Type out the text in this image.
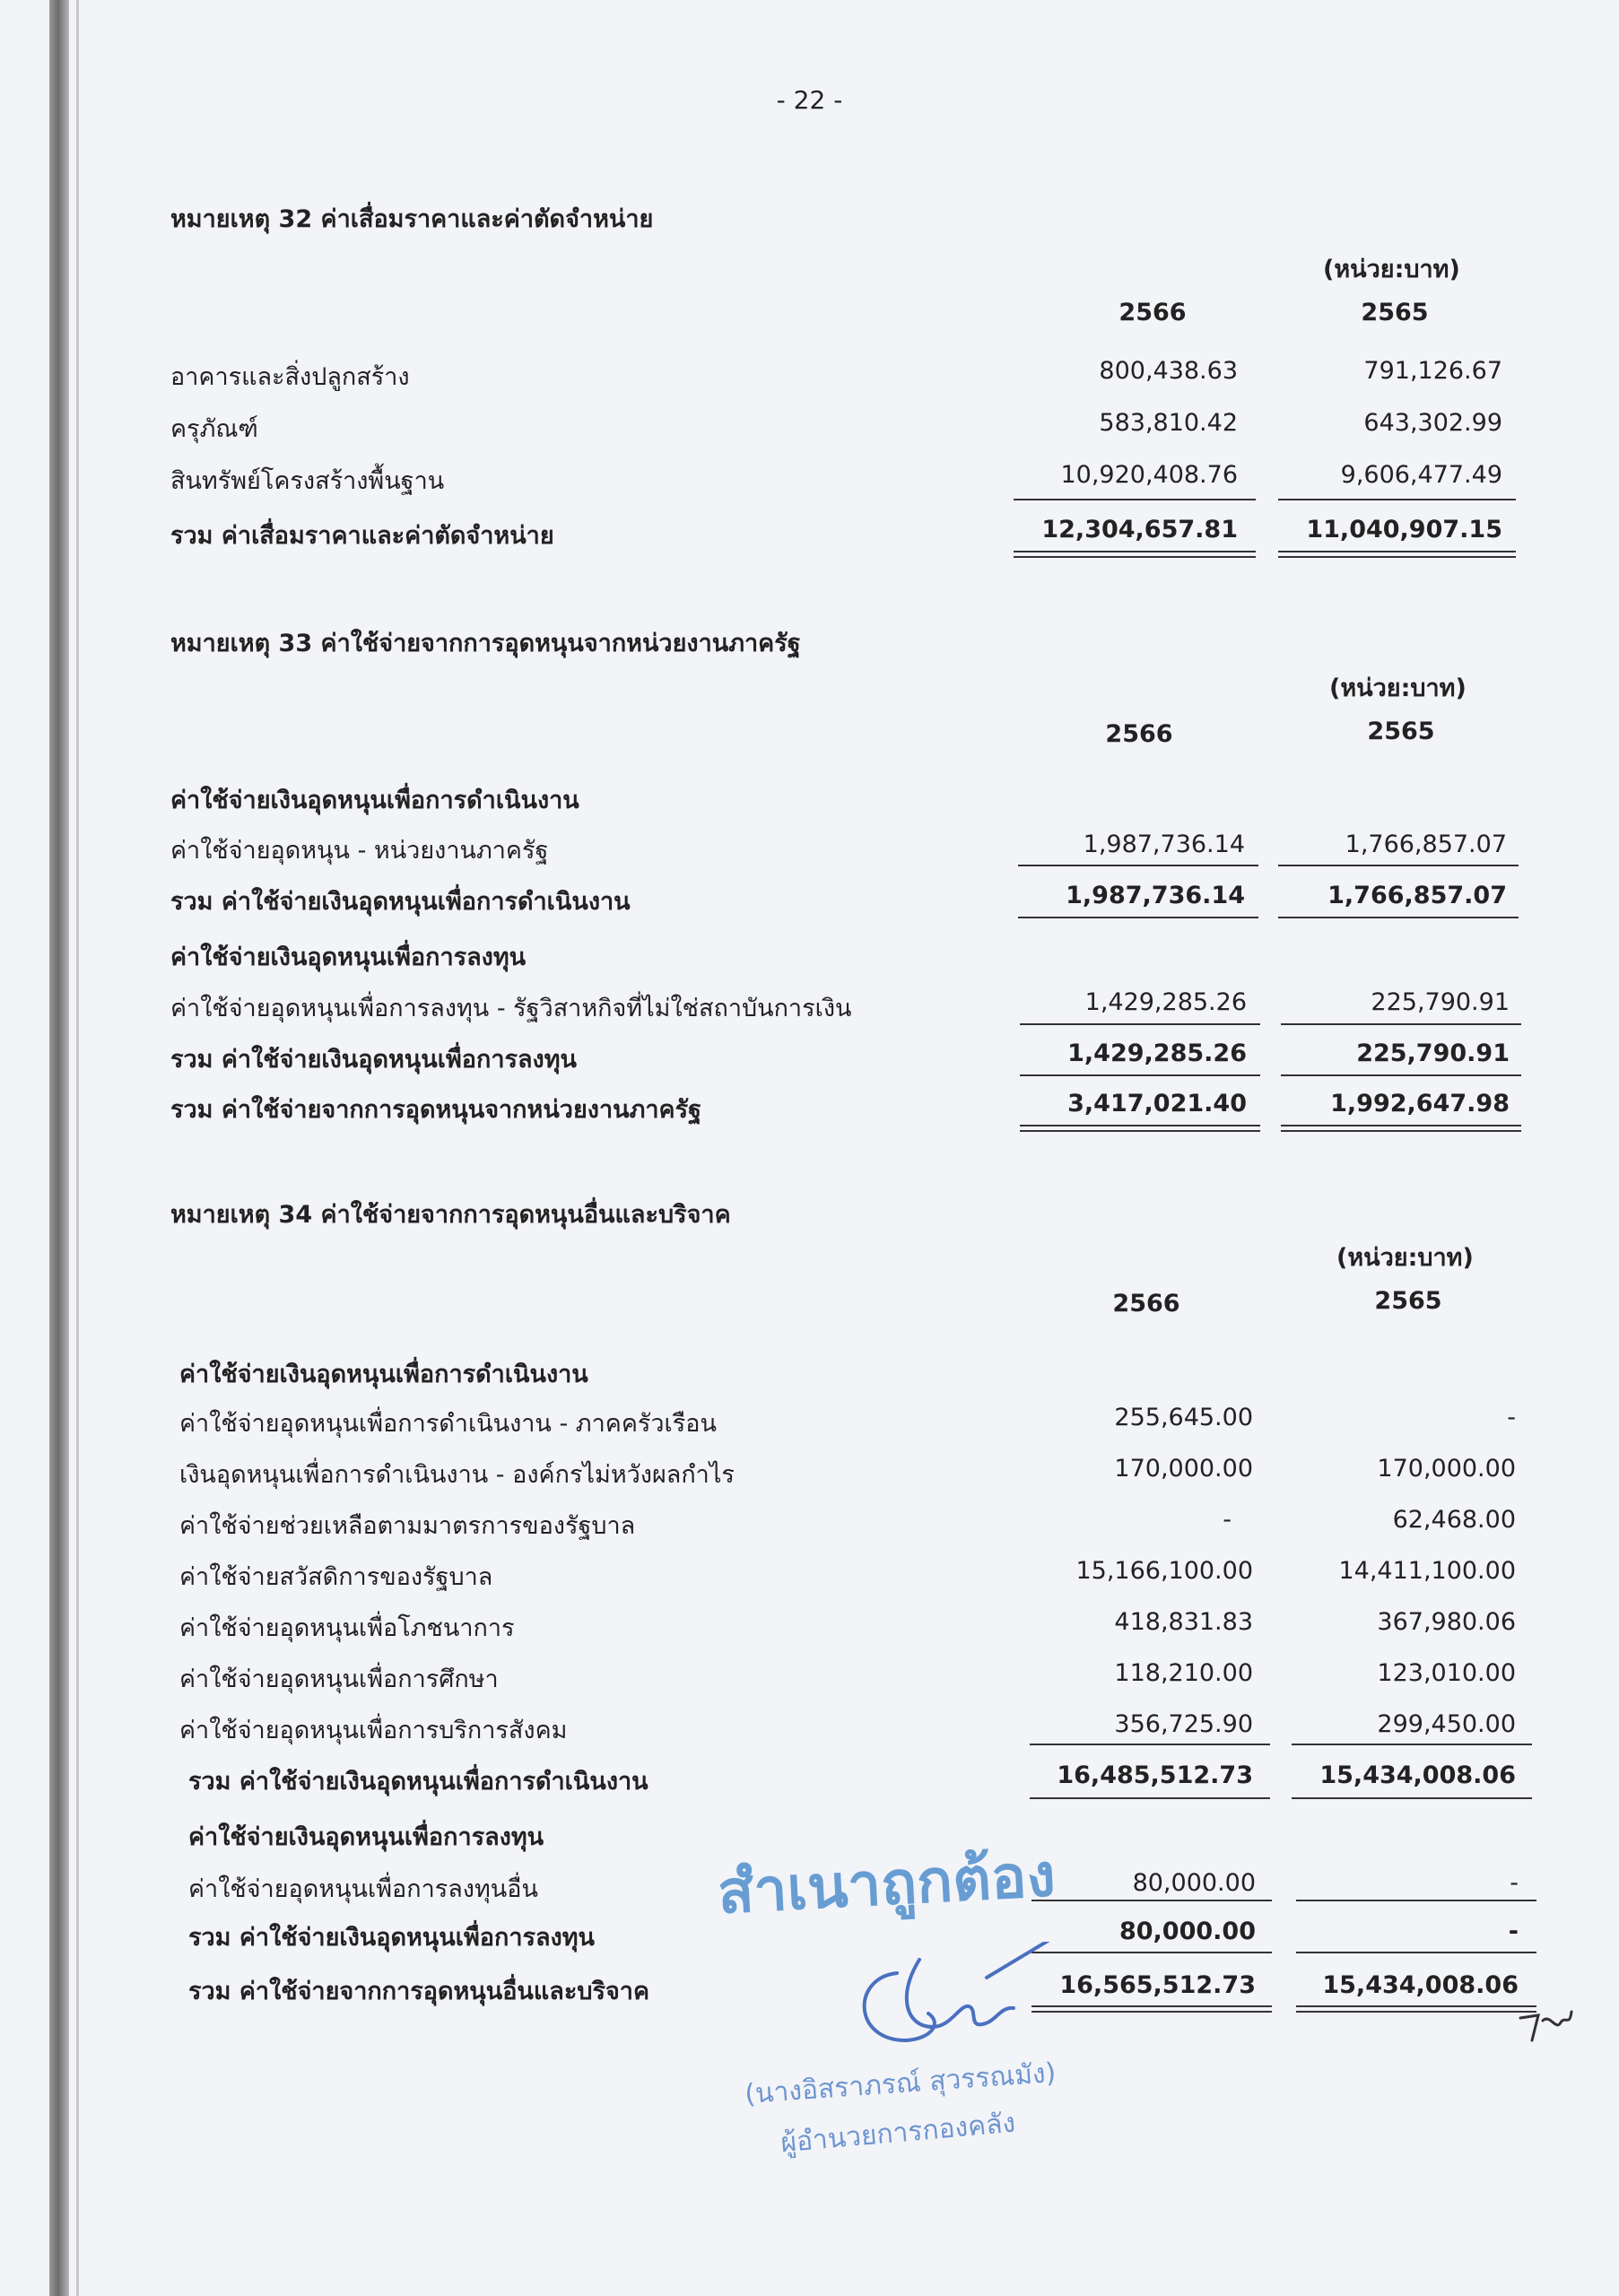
- 22 -
หมายเหตุ 32 ค่าเสื่อมราคาและค่าตัดจำหน่าย
(หน่วย:บาท)
2566	2565
อาคารและสิ่งปลูกสร้าง	800,438.63	791,126.67
ครุภัณฑ์	583,810.42	643,302.99
สินทรัพย์โครงสร้างพื้นฐาน	10,920,408.76	9,606,477.49
รวม ค่าเสื่อมราคาและค่าตัดจำหน่าย	12,304,657.81	11,040,907.15
หมายเหตุ 33 ค่าใช้จ่ายจากการอุดหนุนจากหน่วยงานภาครัฐ
(หน่วย:บาท)
2566	2565
ค่าใช้จ่ายเงินอุดหนุนเพื่อการดำเนินงาน
ค่าใช้จ่ายอุดหนุน - หน่วยงานภาครัฐ	1,987,736.14	1,766,857.07
รวม ค่าใช้จ่ายเงินอุดหนุนเพื่อการดำเนินงาน	1,987,736.14	1,766,857.07
ค่าใช้จ่ายเงินอุดหนุนเพื่อการลงทุน
ค่าใช้จ่ายอุดหนุนเพื่อการลงทุน - รัฐวิสาหกิจที่ไม่ใช่สถาบันการเงิน	1,429,285.26	225,790.91
รวม ค่าใช้จ่ายเงินอุดหนุนเพื่อการลงทุน	1,429,285.26	225,790.91
รวม ค่าใช้จ่ายจากการอุดหนุนจากหน่วยงานภาครัฐ	3,417,021.40	1,992,647.98
หมายเหตุ 34 ค่าใช้จ่ายจากการอุดหนุนอื่นและบริจาค
(หน่วย:บาท)
2566	2565
ค่าใช้จ่ายเงินอุดหนุนเพื่อการดำเนินงาน
ค่าใช้จ่ายอุดหนุนเพื่อการดำเนินงาน - ภาคครัวเรือน	255,645.00	-
เงินอุดหนุนเพื่อการดำเนินงาน - องค์กรไม่หวังผลกำไร	170,000.00	170,000.00
ค่าใช้จ่ายช่วยเหลือตามมาตรการของรัฐบาล	-	62,468.00
ค่าใช้จ่ายสวัสดิการของรัฐบาล	15,166,100.00	14,411,100.00
ค่าใช้จ่ายอุดหนุนเพื่อโภชนาการ	418,831.83	367,980.06
ค่าใช้จ่ายอุดหนุนเพื่อการศึกษา	118,210.00	123,010.00
ค่าใช้จ่ายอุดหนุนเพื่อการบริการสังคม	356,725.90	299,450.00
รวม ค่าใช้จ่ายเงินอุดหนุนเพื่อการดำเนินงาน	16,485,512.73	15,434,008.06
ค่าใช้จ่ายเงินอุดหนุนเพื่อการลงทุน
ค่าใช้จ่ายอุดหนุนเพื่อการลงทุนอื่น	80,000.00	-
รวม ค่าใช้จ่ายเงินอุดหนุนเพื่อการลงทุน	80,000.00	-
รวม ค่าใช้จ่ายจากการอุดหนุนอื่นและบริจาค	16,565,512.73	15,434,008.06
สำเนาถูกต้อง
(นางอิสราภรณ์ สุวรรณมัง)
ผู้อำนวยการกองคลัง
